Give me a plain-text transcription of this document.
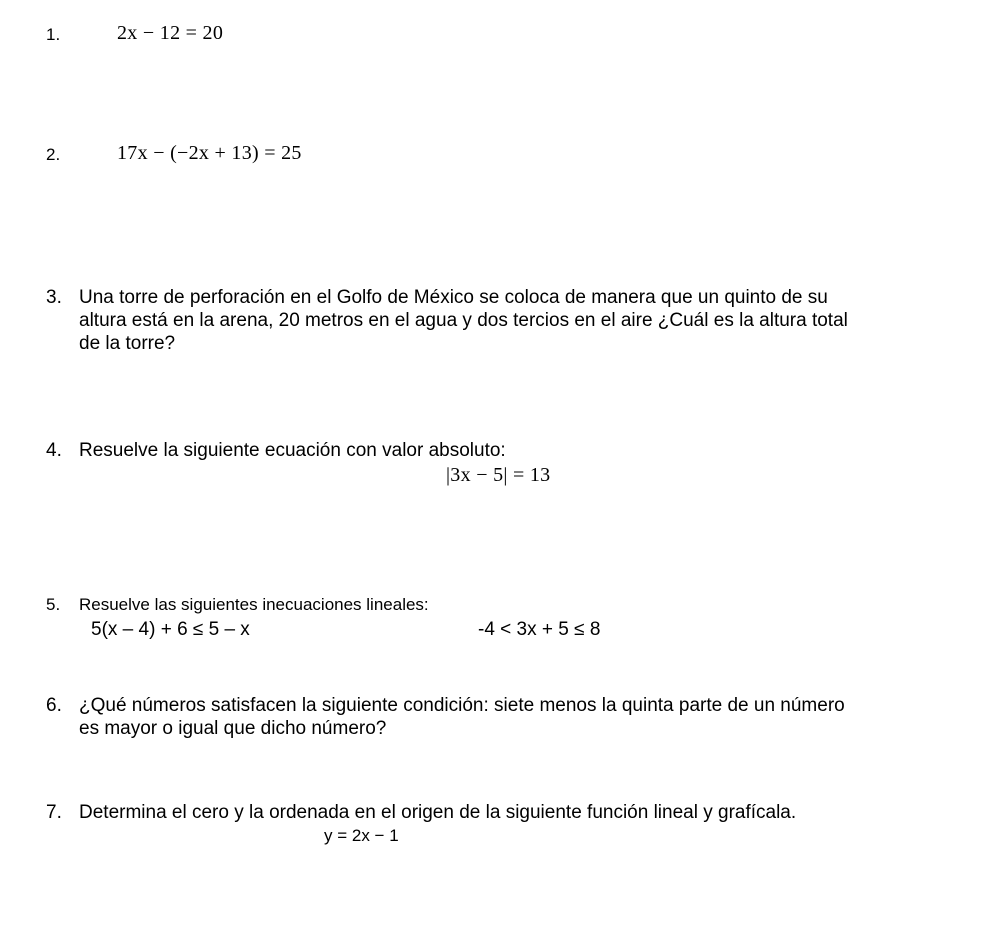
1.	2x − 12 = 20
2.	17x − (−2x + 13) = 25
3. Una torre de perforación en el Golfo de México se coloca de manera que un quinto de su
altura está en la arena, 20 metros en el agua y dos tercios en el aire ¿Cuál es la altura total
de la torre?
4. Resuelve la siguiente ecuación con valor absoluto:
|3x − 5| = 13
5. Resuelve las siguientes inecuaciones lineales:
5(x – 4) + 6 ≤ 5 – x	-4 < 3x + 5 ≤ 8
6. ¿Qué números satisfacen la siguiente condición: siete menos la quinta parte de un número
es mayor o igual que dicho número?
7. Determina el cero y la ordenada en el origen de la siguiente función lineal y grafícala.
y = 2x − 1
